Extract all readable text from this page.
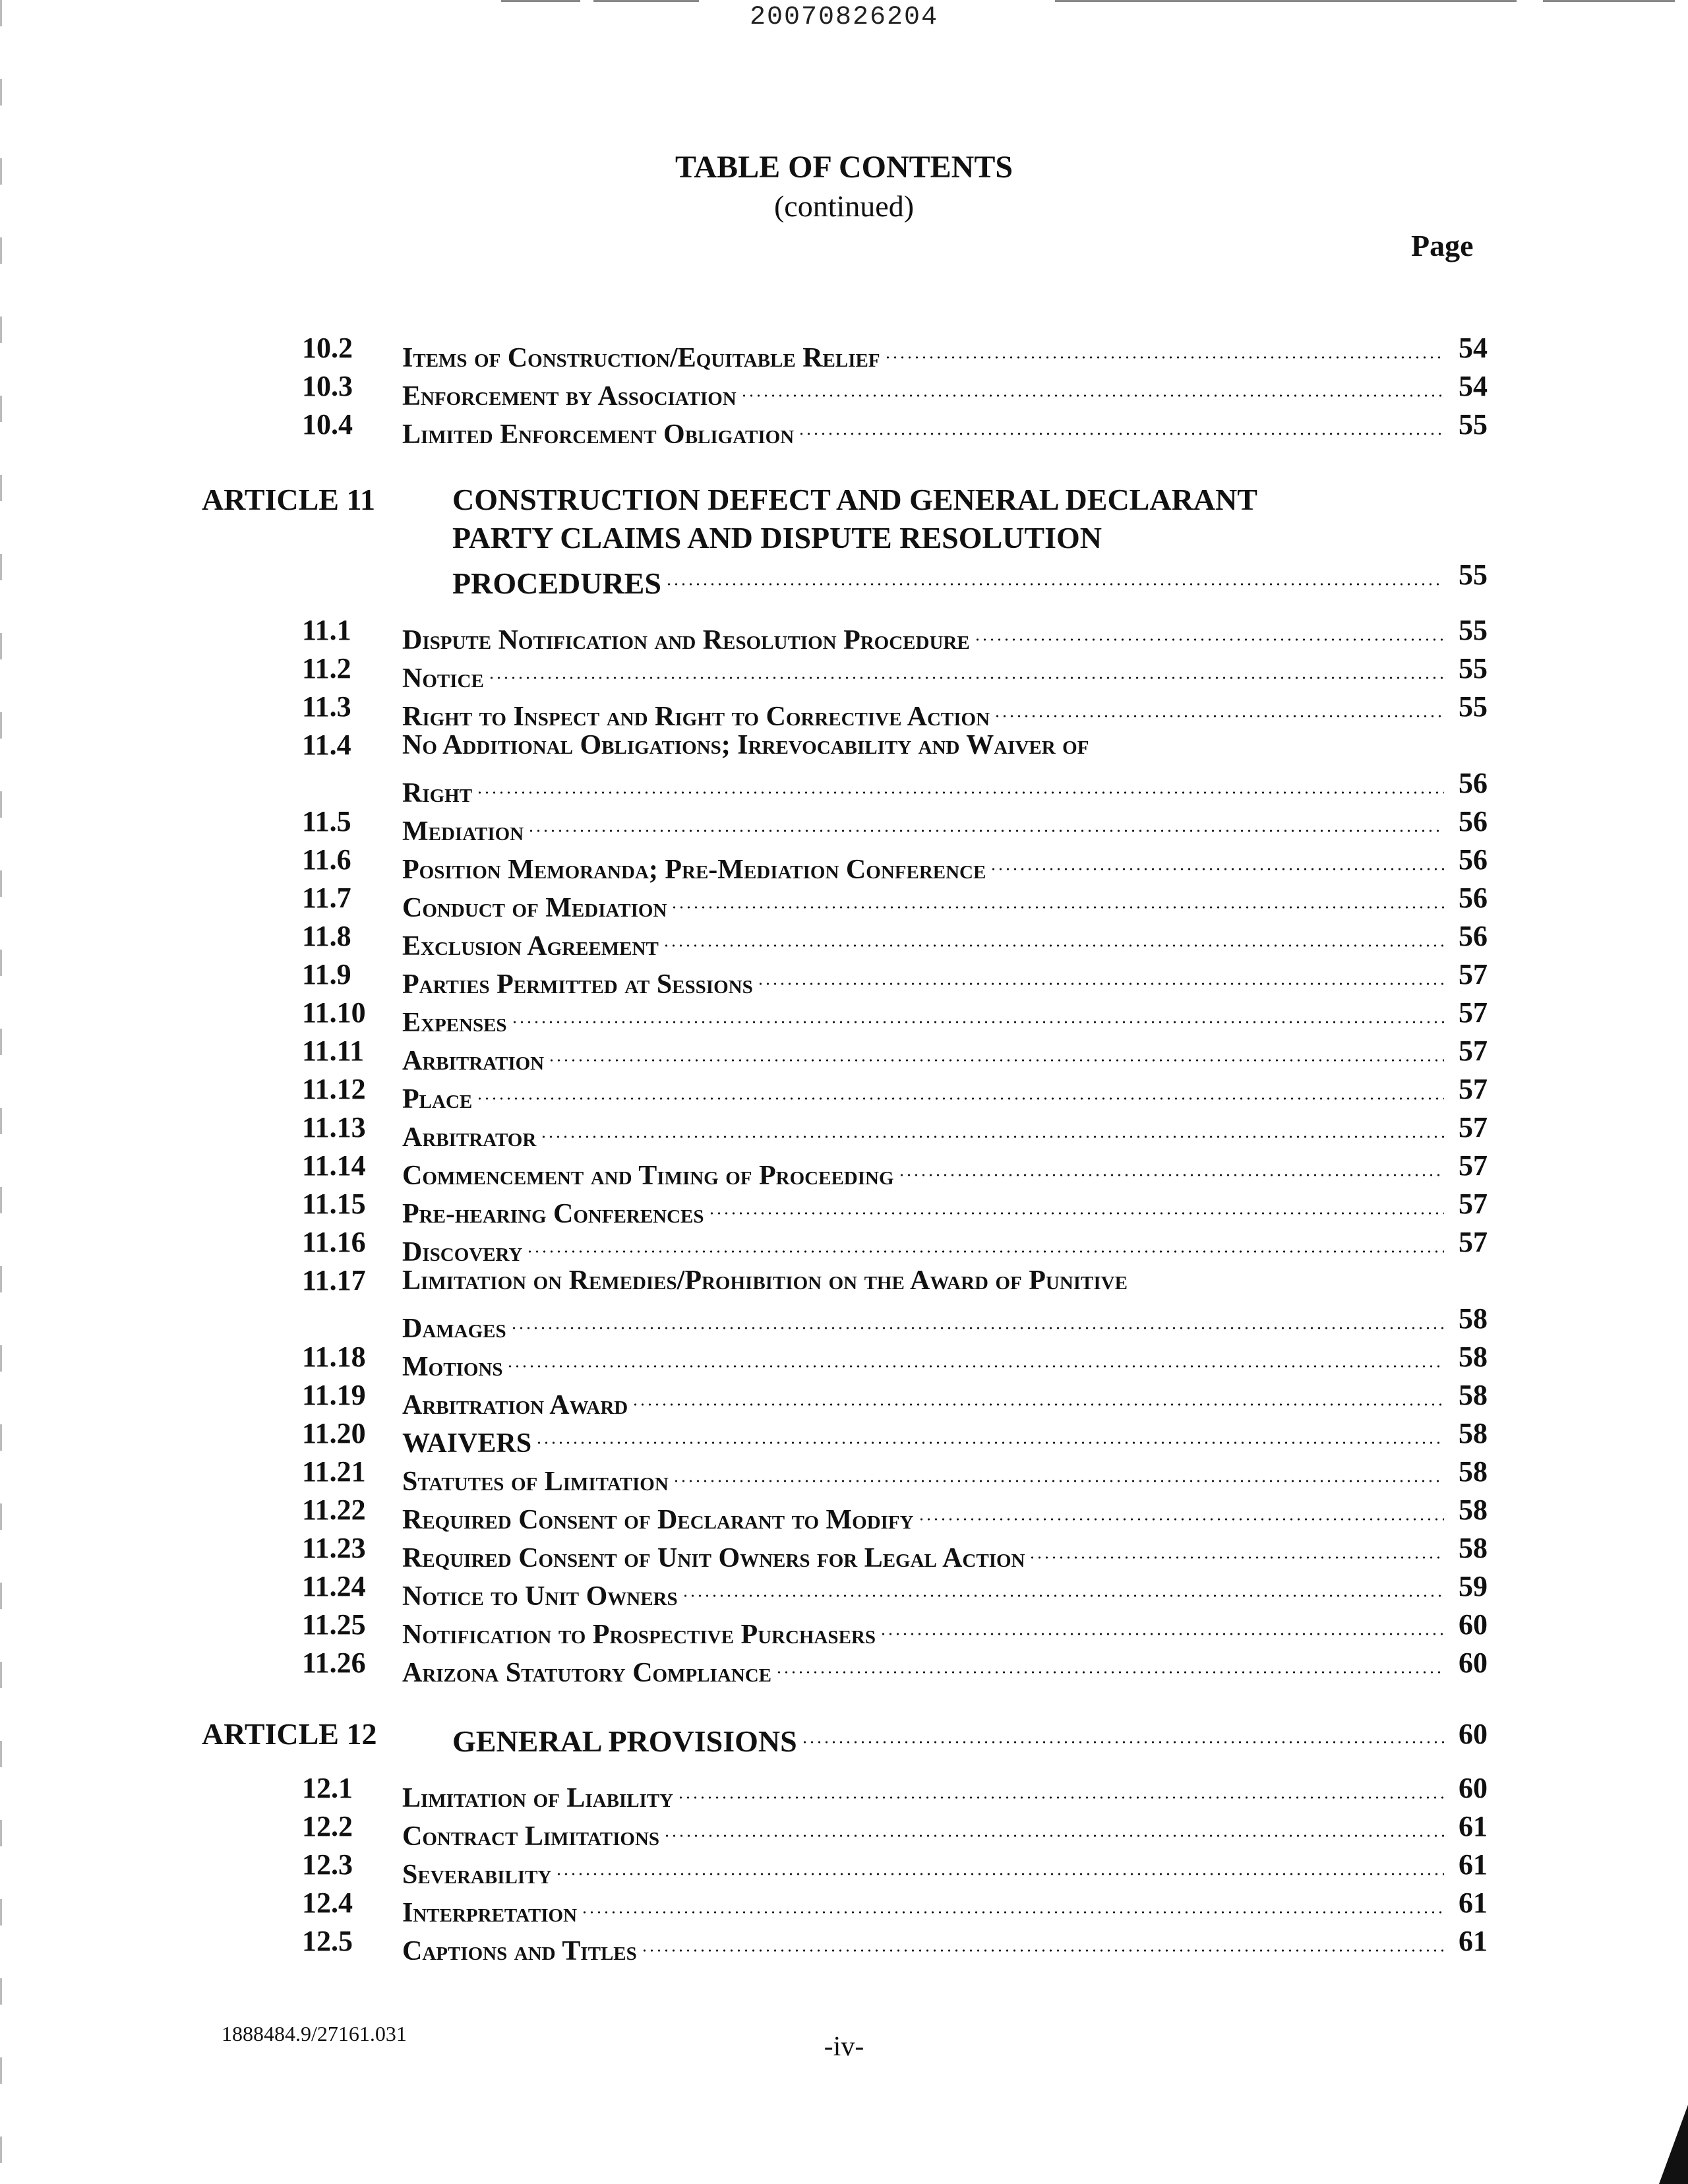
20070826204
TABLE OF CONTENTS
(continued)
Page
ARTICLE 11	CONSTRUCTION DEFECT AND GENERAL DECLARANT
PARTY CLAIMS AND DISPUTE RESOLUTION
PROCEDURES	55
11.4 No Additional Obligations; Irrevocability and Waiver of
Right	56
11.17 Limitation on Remedies/Prohibition on the Award of Punitive
Damages	58
ARTICLE 12 GENERAL PROVISIONS	60
10.2 Items of Construction/Equitable Relief	54
10.3 Enforcement by Association	54
10.4 Limited Enforcement Obligation	55
11.1 Dispute Notification and Resolution Procedure	55
11.2 Notice	55
11.3 Right to Inspect and Right to Corrective Action	55
11.5 Mediation	56
11.6 Position Memoranda; Pre-Mediation Conference	56
11.7 Conduct of Mediation	56
11.8 Exclusion Agreement	56
11.9 Parties Permitted at Sessions	57
11.10 Expenses	57
11.11 Arbitration	57
11.12 Place	57
11.13 Arbitrator	57
11.14 Commencement and Timing of Proceeding	57
11.15 Pre-hearing Conferences	57
11.16 Discovery	57
11.18 Motions	58
11.19 Arbitration Award	58
11.20 WAIVERS	58
11.21 Statutes of Limitation	58
11.22 Required Consent of Declarant to Modify	58
11.23 Required Consent of Unit Owners for Legal Action	58
11.24 Notice to Unit Owners	59
11.25 Notification to Prospective Purchasers	60
11.26 Arizona Statutory Compliance	60
12.1 Limitation of Liability	60
12.2 Contract Limitations	61
12.3 Severability	61
12.4 Interpretation	61
12.5 Captions and Titles	61
1888484.9/27161.031	-iv-
